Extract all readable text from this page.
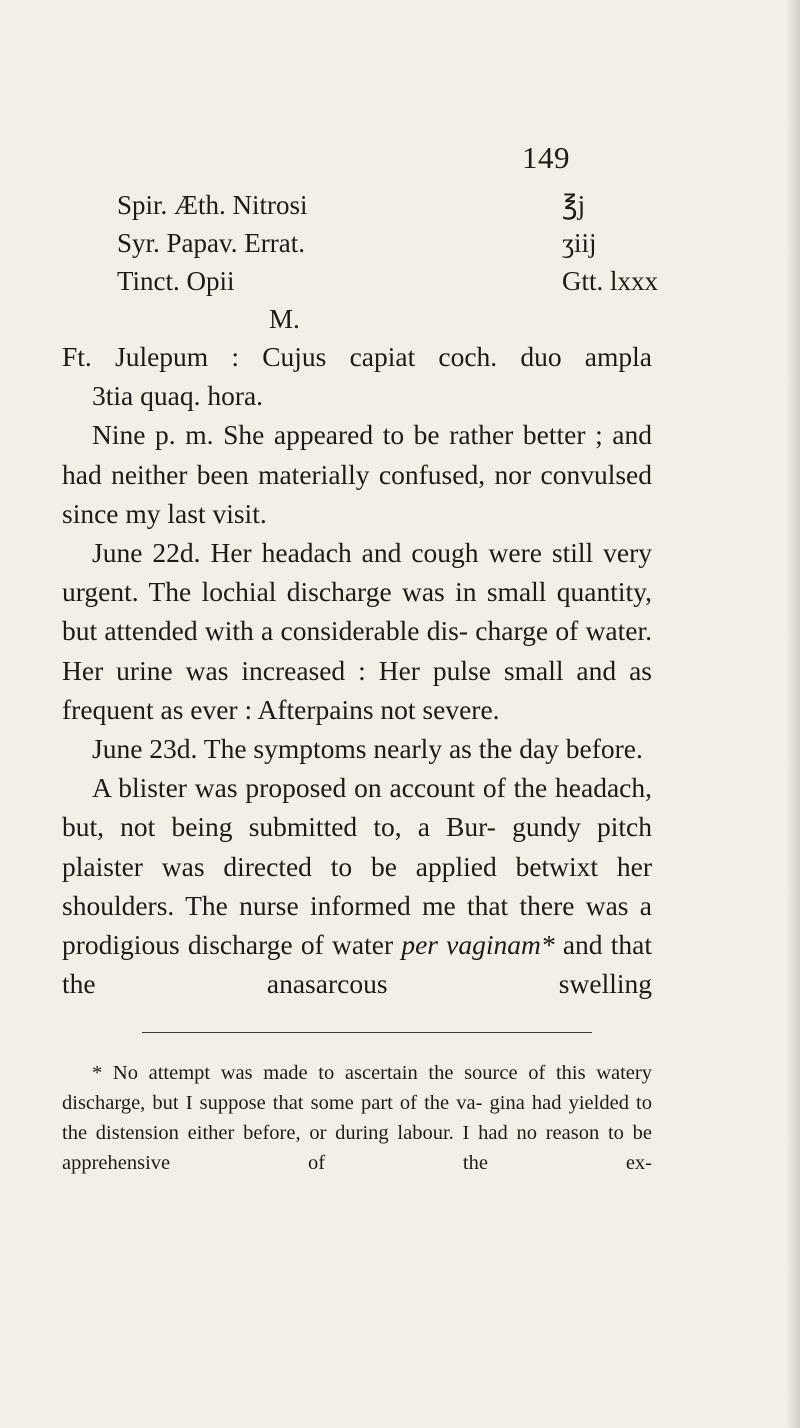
149
Spir. Æth. Nitrosi	℥j
Syr. Papav. Errat.	ʒiij
Tinct. Opii	Gtt. lxxx
M.

Ft. Julepum : Cujus capiat coch. duo ampla

3tia quaq. hora.

Nine p. m. She appeared to be rather better ; and had neither been materially confused, nor convulsed since my last visit.

June 22d. Her headach and cough were still very urgent. The lochial discharge was in small quantity, but attended with a considerable dis- charge of water. Her urine was increased : Her pulse small and as frequent as ever : Afterpains not severe.

June 23d. The symptoms nearly as the day before.

A blister was proposed on account of the headach, but, not being submitted to, a Bur- gundy pitch plaister was directed to be applied betwixt her shoulders. The nurse informed me that there was a prodigious discharge of water per vaginam* and that the anasarcous swelling

* No attempt was made to ascertain the source of this watery discharge, but I suppose that some part of the va- gina had yielded to the distension either before, or during labour. I had no reason to be apprehensive of the ex-
